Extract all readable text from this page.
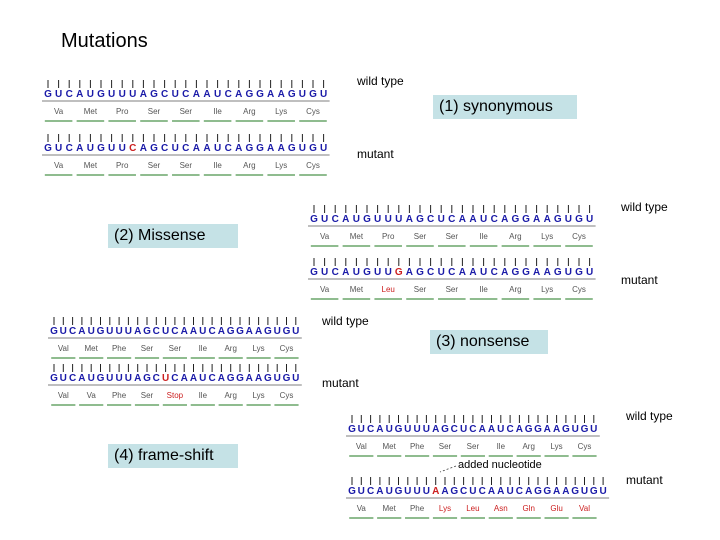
Mutations
wild type
(1) synonymous
mutant
wild type
(2) Missense
mutant
wild type
(3) nonsense
mutant
wild type
(4) frame-shift
added nucleotide
mutant
G U C A U G U U U A G C U C A A U C A G G A A G U G U
Va	Met Pro Ser Ser	Ile	Arg Lys Cys
G U C A U G U U C A G C U C A A U C A G G A A G U G U
Va	Met Pro Ser Ser	Ile	Arg Lys Cys
G U C A U G U U U A G C U C A A U C A G G A A G U G U
Va	Met Pro Ser Ser	Ile	Arg Lys Cys
G U C A U G U U G A G C U C A A U C A G G A A G U G U
Va	Met Leu Ser Ser	Ile	Arg Lys Cys
G U C A U G U U U A G C U C A A U C A G G A A G U G U
Val Met Phe Ser Ser Ile Arg Lys Cys
G U C A U G U U U A G C U C A A U C A G G A A G U G U
Val Va Phe Ser Stop Ile Arg Lys Cys
G U C A U G U U U A G C U C A A U C A G G A A G U G U
Val Met Phe Ser Ser Ile Arg Lys Cys
G U C A U G U U U A A G C U C A A U C A G G A A G U G U
Va Met Phe Lys Leu Asn Gln Glu Val
